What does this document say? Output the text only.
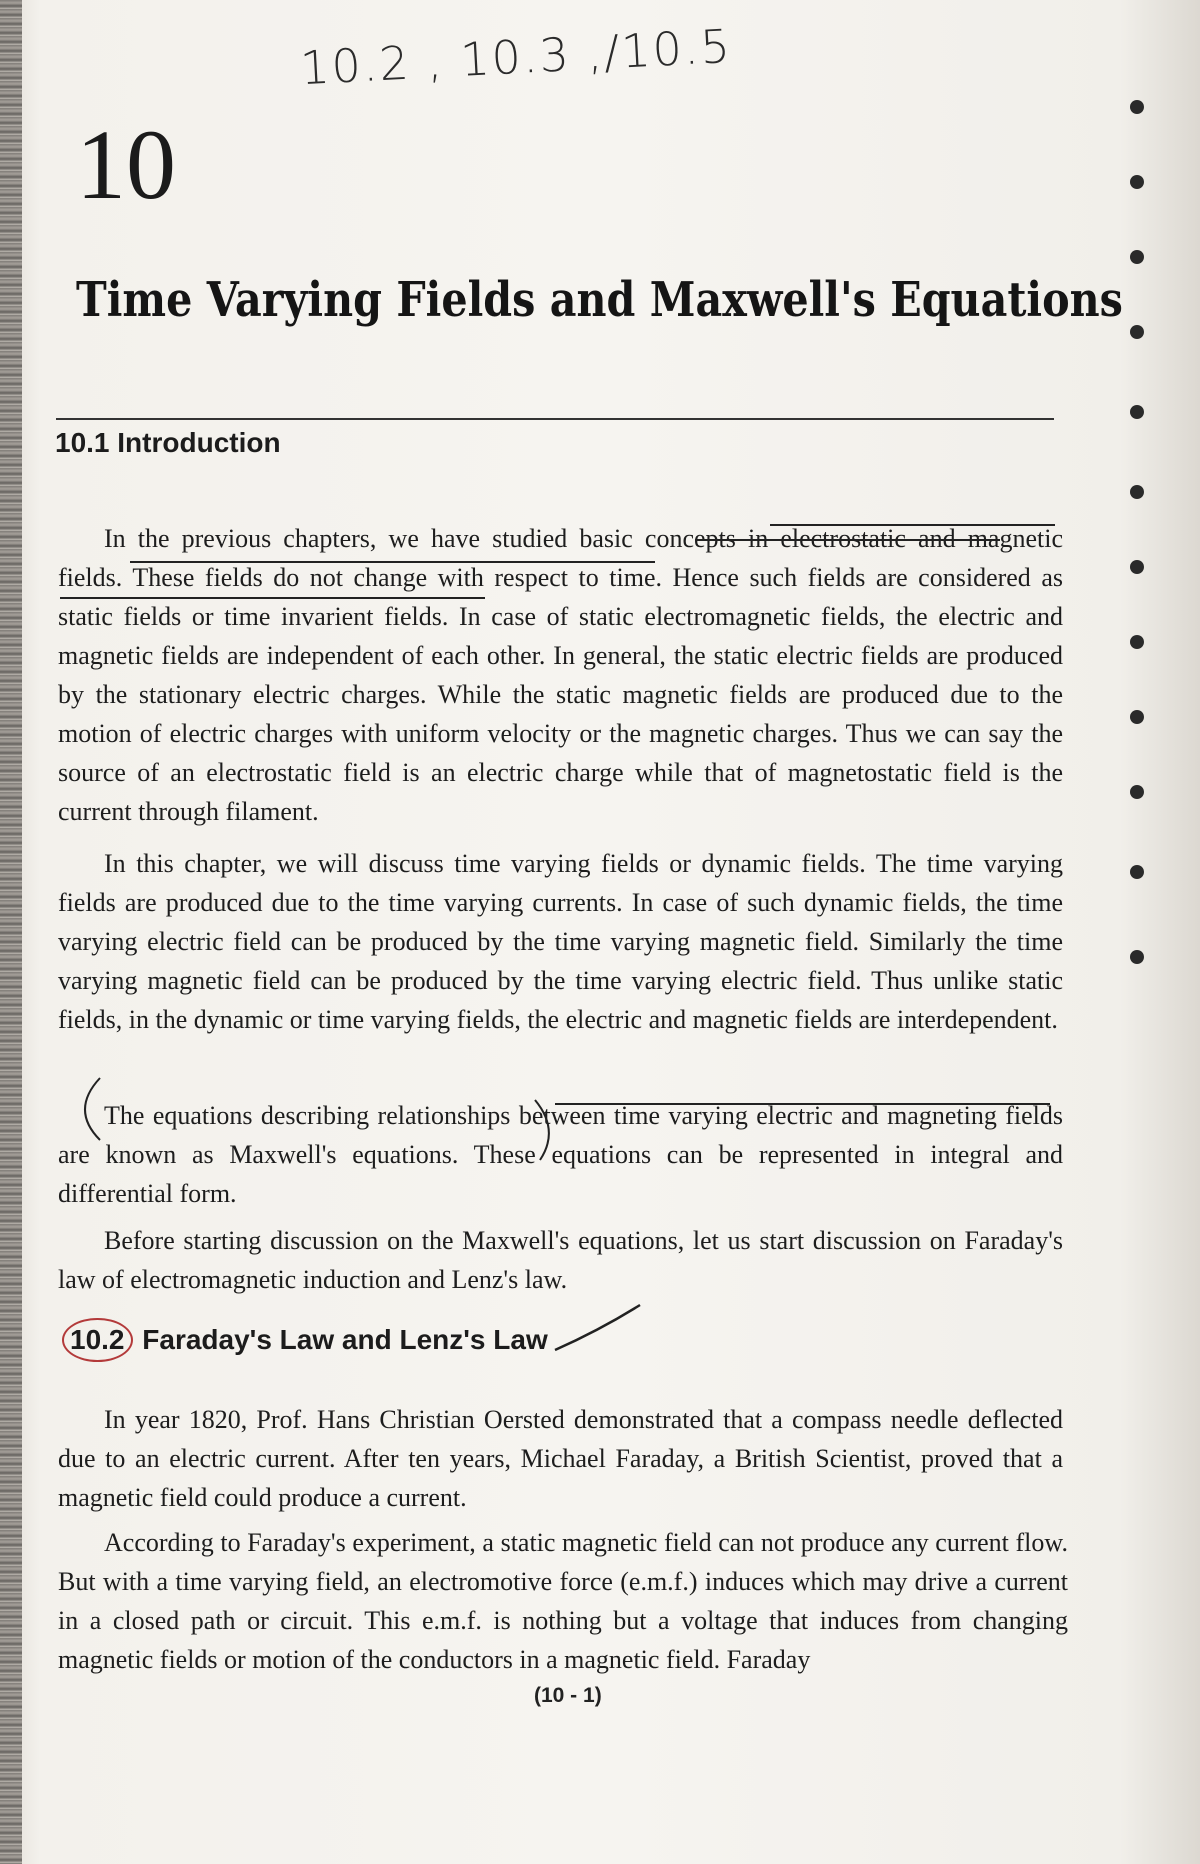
10.2 , 10.3 ,/10.5
10
Time Varying Fields and Maxwell's Equations
10.1 Introduction

In the previous chapters, we have studied basic concepts in electrostatic and magnetic fields. These fields do not change with respect to time. Hence such fields are considered as static fields or time invarient fields. In case of static electromagnetic fields, the electric and magnetic fields are independent of each other. In general, the static electric fields are produced by the stationary electric charges. While the static magnetic fields are produced due to the motion of electric charges with uniform velocity or the magnetic charges. Thus we can say the source of an electrostatic field is an electric charge while that of magnetostatic field is the current through filament.

In this chapter, we will discuss time varying fields or dynamic fields. The time varying fields are produced due to the time varying currents. In case of such dynamic fields, the time varying electric field can be produced by the time varying magnetic field. Similarly the time varying magnetic field can be produced by the time varying electric field. Thus unlike static fields, in the dynamic or time varying fields, the electric and magnetic fields are interdependent.

The equations describing relationships between time varying electric and magneting fields are known as Maxwell's equations. These equations can be represented in integral and differential form.

Before starting discussion on the Maxwell's equations, let us start discussion on Faraday's law of electromagnetic induction and Lenz's law.

10.2 Faraday's Law and Lenz's Law

In year 1820, Prof. Hans Christian Oersted demonstrated that a compass needle deflected due to an electric current. After ten years, Michael Faraday, a British Scientist, proved that a magnetic field could produce a current.

According to Faraday's experiment, a static magnetic field can not produce any current flow. But with a time varying field, an electromotive force (e.m.f.) induces which may drive a current in a closed path or circuit. This e.m.f. is nothing but a voltage that induces from changing magnetic fields or motion of the conductors in a magnetic field. Faraday

(10 - 1)
